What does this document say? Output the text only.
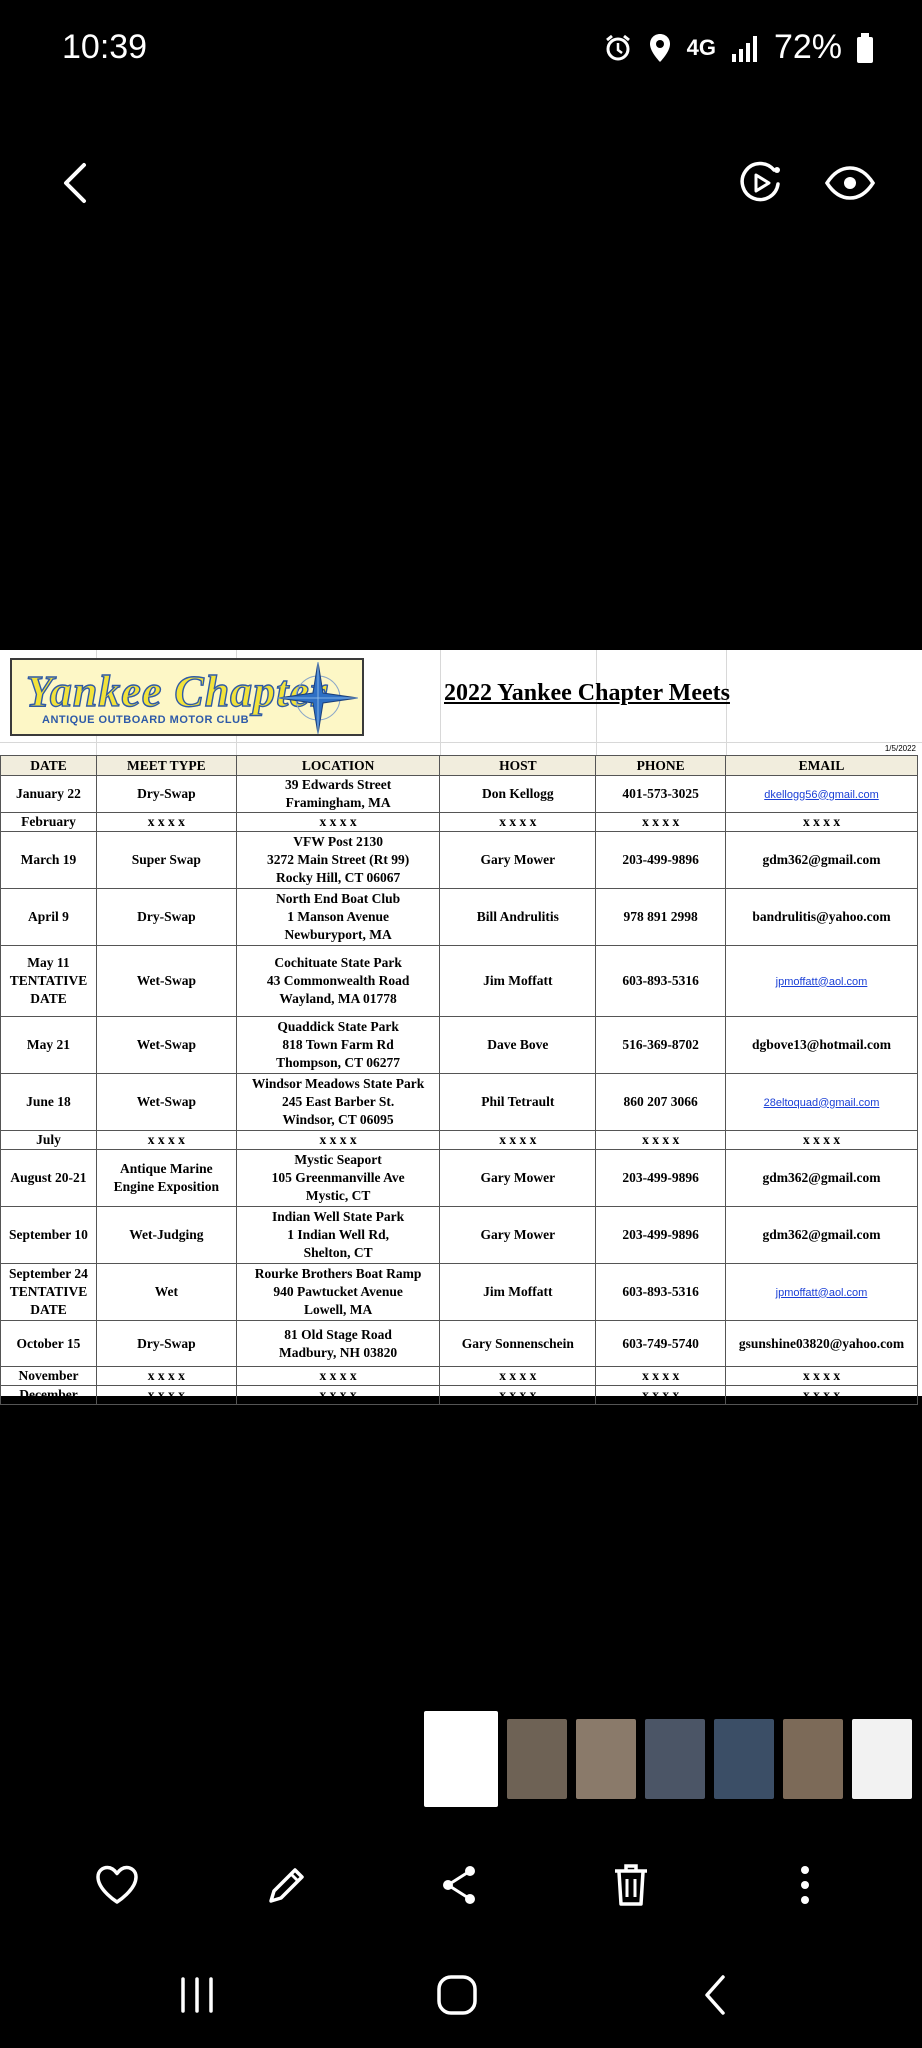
10:39	4G 72%
Yankee Chapter
ANTIQUE OUTBOARD MOTOR CLUB
2022 Yankee Chapter Meets
1/5/2022
DATE	MEET TYPE	LOCATION	HOST	PHONE	EMAIL
January 22	Dry-Swap	39 Edwards Street
Framingham, MA	Don Kellogg	401-573-3025	dkellogg56@gmail.com
February	x x x x	x x x x	x x x x	x x x x	x x x x
March 19	Super Swap	VFW Post 2130
3272 Main Street (Rt 99)
Rocky Hill, CT 06067	Gary Mower	203-499-9896	gdm362@gmail.com
April 9	Dry-Swap	North End Boat Club
1 Manson Avenue
Newburyport, MA	Bill Andrulitis	978 891 2998	bandrulitis@yahoo.com
May 11
TENTATIVE
DATE	Wet-Swap	Cochituate State Park
43 Commonwealth Road
Wayland, MA 01778	Jim Moffatt	603-893-5316	jpmoffatt@aol.com
May 21	Wet-Swap	Quaddick State Park
818 Town Farm Rd
Thompson, CT 06277	Dave Bove	516-369-8702	dgbove13@hotmail.com
June 18	Wet-Swap	Windsor Meadows State Park
245 East Barber St.
Windsor, CT 06095	Phil Tetrault	860 207 3066	28eltoquad@gmail.com
July	x x x x	x x x x	x x x x	x x x x	x x x x
August 20-21	Antique Marine
Engine Exposition	Mystic Seaport
105 Greenmanville Ave
Mystic, CT	Gary Mower	203-499-9896	gdm362@gmail.com
September 10	Wet-Judging	Indian Well State Park
1 Indian Well Rd,
Shelton, CT	Gary Mower	203-499-9896	gdm362@gmail.com
September 24
TENTATIVE
DATE	Wet	Rourke Brothers Boat Ramp
940 Pawtucket Avenue
Lowell, MA	Jim Moffatt	603-893-5316	jpmoffatt@aol.com
October 15	Dry-Swap	81 Old Stage Road
Madbury, NH 03820	Gary Sonnenschein	603-749-5740	gsunshine03820@yahoo.com
November	x x x x	x x x x	x x x x	x x x x	x x x x
December	x x x x	x x x x	x x x x	x x x x	x x x x
